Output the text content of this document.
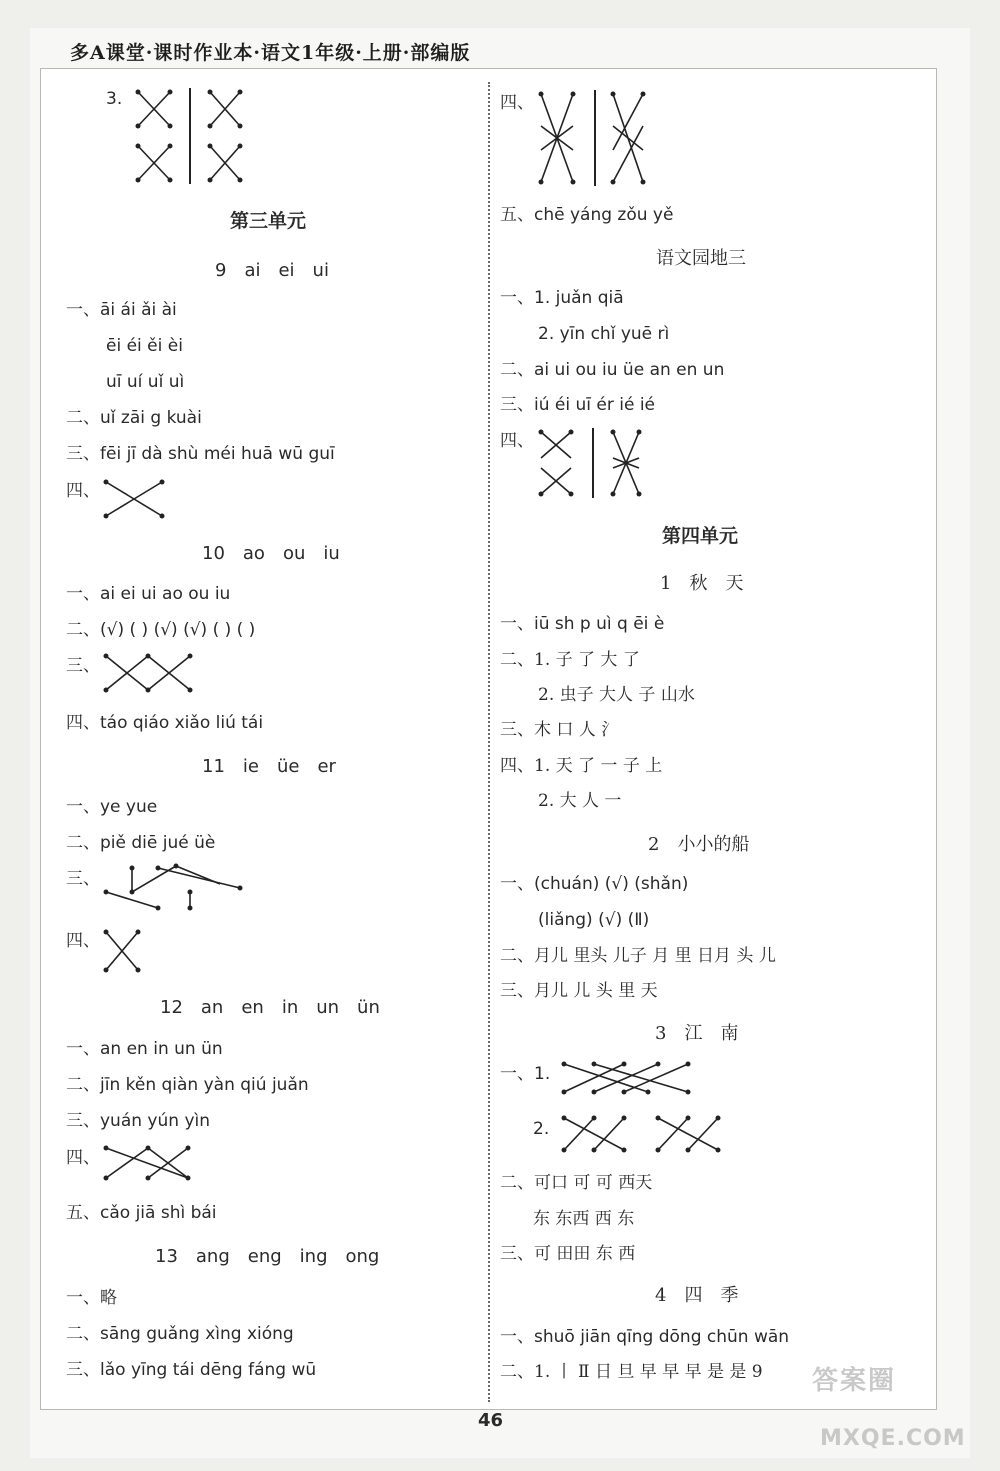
多A课堂·课时作业本·语文1年级·上册·部编版
3.
第三单元
9　ai　ei　ui
一、āi ái ǎi ài
ēi éi ěi èi
uī uí uǐ uì
二、uǐ zāi g kuài
三、fēi jī dà shù méi huā wū guī
四、
10　ao　ou　iu
一、ai ei ui ao ou iu
二、(√) ( ) (√) (√) ( ) ( )
三、
四、táo qiáo xiǎo liú tái
11　ie　üe　er
一、ye yue
二、piě diē jué üè
三、
四、
12　an　en　in　un　ün
一、an en in un ün
二、jīn kěn qiàn yàn qiú juǎn
三、yuán yún yìn
四、
五、cǎo jiā shì bái
13　ang　eng　ing　ong
一、略
二、sāng guǎng xìng xióng
三、lǎo yīng tái dēng fáng wū
四、
五、chē yáng zǒu yě
语文园地三
一、1. juǎn qiā
2. yīn chǐ yuē rì
二、ai ui ou iu üe an en un
三、iú éi uī ér ié ié
四、
第四单元
1　秋　天
一、iū sh p uì q ēi è
二、1. 子 了 大 了
2. 虫子 大人 子 山水
三、木 口 人 氵
四、1. 天 了 一 子 上
2. 大 人 一
2　小小的船
一、(chuán) (√) (shǎn)
(liǎng) (√) (Ⅱ)
二、月儿 里头 儿子 月 里 日月 头 儿
三、月儿 儿 头 里 天
3　江　南
一、1.
2.
二、可口 可 可 西天
东 东西 西 东
三、可 田田 东 西
4　四　季
一、shuō jiān qīng dōng chūn wān
二、1. 丨 Ⅱ 日 旦 早 早 早 是 是 9
46
答案圈
MXQE.COM
